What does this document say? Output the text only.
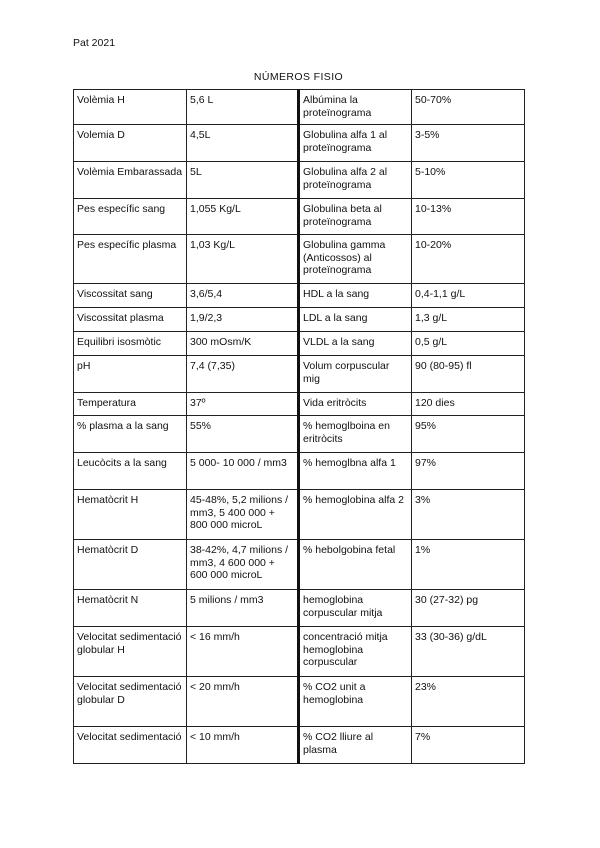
Pat 2021
NÚMEROS FISIO
Volèmia H	5,6 L	Albúmina la proteïnograma	50-70%
Volemia D	4,5L	Globulina alfa 1 al proteïnograma	3-5%
Volèmia Embarassada	5L	Globulina alfa 2 al proteïnograma	5-10%
Pes específic sang	1,055 Kg/L	Globulina beta al proteïnograma	10-13%
Pes específic plasma	1,03 Kg/L	Globulina gamma (Anticossos) al proteïnograma	10-20%
Viscossitat sang	3,6/5,4	HDL a la sang	0,4-1,1 g/L
Viscossitat plasma	1,9/2,3	LDL a la sang	1,3 g/L
Equilibri isosmòtic	300 mOsm/K	VLDL a la sang	0,5 g/L
pH	7,4 (7,35)	Volum corpuscular mig	90 (80-95) fl
Temperatura	37º	Vida eritròcits	120 dies
% plasma a la sang	55%	% hemoglboina en eritròcits	95%
Leucòcits a la sang	5 000- 10 000 / mm3	% hemoglbna alfa 1	97%
Hematòcrit H	45-48%, 5,2 milions / mm3, 5 400 000 + 800 000 microL	% hemoglobina alfa 2	3%
Hematòcrit D	38-42%, 4,7 milions / mm3, 4 600 000 + 600 000 microL	% hebolgobina fetal	1%
Hematòcrit N	5 milions / mm3	hemoglobina corpuscular mitja	30 (27-32) pg
Velocitat sedimentació globular H	< 16 mm/h	concentració mitja hemoglobina corpuscular	33 (30-36) g/dL
Velocitat sedimentació globular D	< 20 mm/h	% CO2 unit a hemoglobina	23%
Velocitat sedimentació	< 10 mm/h	% CO2 lliure al plasma	7%
